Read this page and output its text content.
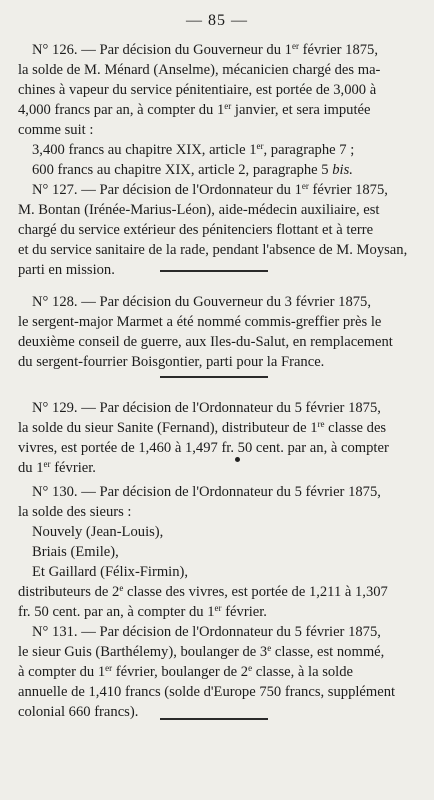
— 85 —

N° 126. — Par décision du Gouverneur du 1er février 1875,
la solde de M. Ménard (Anselme), mécanicien chargé des ma-
chines à vapeur du service pénitentiaire, est portée de 3,000 à
4,000 francs par an, à compter du 1er janvier, et sera imputée
comme suit :
3,400 francs au chapitre XIX, article 1er, paragraphe 7 ;
600 francs au chapitre XIX, article 2, paragraphe 5 bis.

N° 127. — Par décision de l'Ordonnateur du 1er février 1875,
M. Bontan (Irénée-Marius-Léon), aide-médecin auxiliaire, est
chargé du service extérieur des pénitenciers flottant et à terre
et du service sanitaire de la rade, pendant l'absence de M. Moysan,
parti en mission.

N° 128. — Par décision du Gouverneur du 3 février 1875,
le sergent-major Marmet a été nommé commis-greffier près le
deuxième conseil de guerre, aux Iles-du-Salut, en remplacement
du sergent-fourrier Boisgontier, parti pour la France.

N° 129. — Par décision de l'Ordonnateur du 5 février 1875,
la solde du sieur Sanite (Fernand), distributeur de 1re classe des
vivres, est portée de 1,460 à 1,497 fr. 50 cent. par an, à compter
du 1er février.

N° 130. — Par décision de l'Ordonnateur du 5 février 1875,
la solde des sieurs :
Nouvely (Jean-Louis),
Briais (Emile),
Et Gaillard (Félix-Firmin),
distributeurs de 2e classe des vivres, est portée de 1,211 à 1,307
fr. 50 cent. par an, à compter du 1er février.

N° 131. — Par décision de l'Ordonnateur du 5 février 1875,
le sieur Guis (Barthélemy), boulanger de 3e classe, est nommé,
à compter du 1er février, boulanger de 2e classe, à la solde
annuelle de 1,410 francs (solde d'Europe 750 francs, supplément
colonial 660 francs).
